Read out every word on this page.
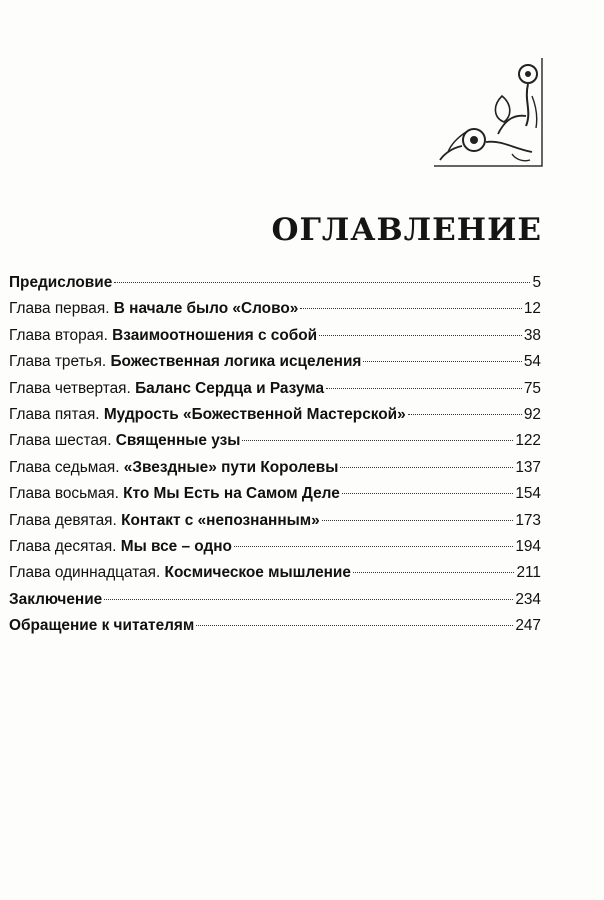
ОГЛАВЛЕНИЕ
Предисловие	5
Глава первая. В начале было «Слово»	12
Глава вторая. Взаимоотношения с собой	38
Глава третья. Божественная логика исцеления	54
Глава четвертая. Баланс Сердца и Разума	75
Глава пятая. Мудрость «Божественной Мастерской»	92
Глава шестая. Священные узы	122
Глава седьмая. «Звездные» пути Королевы	137
Глава восьмая. Кто Мы Есть на Самом Деле	154
Глава девятая. Контакт с «непознанным»	173
Глава десятая. Мы все – одно	194
Глава одиннадцатая. Космическое мышление	211
Заключение	234
Обращение к читателям	247
